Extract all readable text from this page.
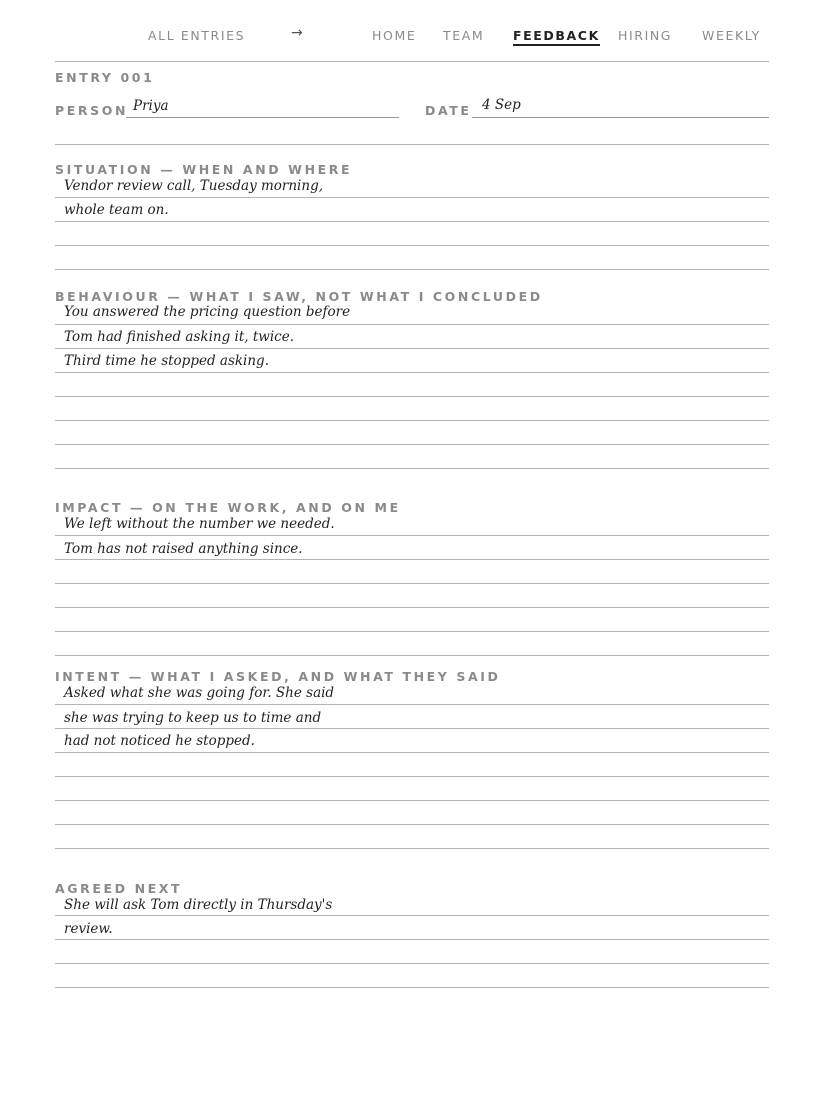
ALL ENTRIES	→	HOME TEAM FEEDBACK HIRING WEEKLY
ENTRY 001
PERSON Priya	DATE 4 Sep
SITUATION — WHEN AND WHERE
Vendor review call, Tuesday morning,
whole team on.
BEHAVIOUR — WHAT I SAW, NOT WHAT I CONCLUDED
You answered the pricing question before
Tom had finished asking it, twice.
Third time he stopped asking.
IMPACT — ON THE WORK, AND ON ME
We left without the number we needed.
Tom has not raised anything since.
INTENT — WHAT I ASKED, AND WHAT THEY SAID
Asked what she was going for. She said
she was trying to keep us to time and
had not noticed he stopped.
AGREED NEXT
She will ask Tom directly in Thursday's
review.
